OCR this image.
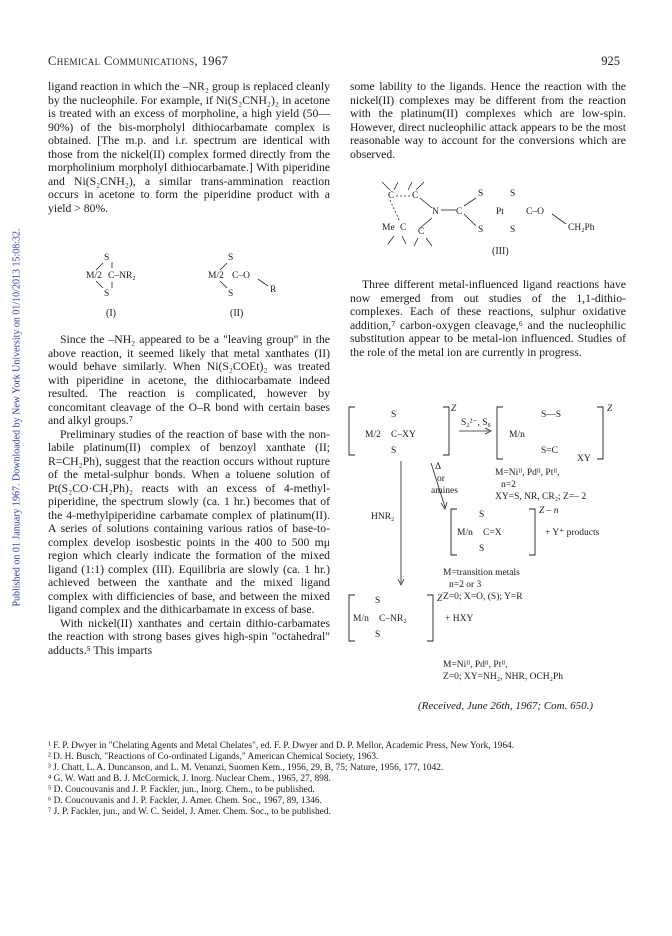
Chemical Communications, 1967	925
Published on 01 January 1967. Downloaded by New York University on 01/10/2013 15:08:32.

ligand reaction in which the –NR₂ group is replaced cleanly by the nucleophile. For example, if Ni(S₂CNH₂)₂ in acetone is treated with an excess of morpholine, a high yield (50—90%) of the bis-morpholyl dithiocarbamate complex is obtained. [The m.p. and i.r. spectrum are identical with those from the nickel(II) complex formed directly from the morpholinium morpholyl dithiocarbamate.] With piperidine and Ni(S₂CNH₂), a similar trans-ammination reaction occurs in acetone to form the piperidine product with a yield > 80%.

S
M/2 C–NR₂
S
(I)
S
M/2 C–O
S	R
(II)

Since the –NH₂ appeared to be a "leaving group" in the above reaction, it seemed likely that metal xanthates (II) would behave similarly. When Ni(S₂COEt)₂ was treated with piperidine in acetone, the dithiocarbamate indeed resulted. The reaction is complicated, however by concomitant cleavage of the O–R bond with certain bases and alkyl groups.⁷

Preliminary studies of the reaction of base with the non-labile platinum(II) complex of benzoyl xanthate (II; R=CH₂Ph), suggest that the reaction occurs without rupture of the metal-sulphur bonds. When a toluene solution of Pt(S₂CO·CH₂Ph)₂ reacts with an excess of 4-methyl-piperidine, the spectrum slowly (ca. 1 hr.) becomes that of the 4-methylpiperidine carbamate complex of platinum(II). A series of solutions containing various ratios of base-to-complex develop isosbestic points in the 400 to 500 mμ region which clearly indicate the formation of the mixed ligand (1:1) complex (III). Equilibria are slowly (ca. 1 hr.) achieved between the xanthate and the mixed ligand complex with difficiencies of base, and between the mixed ligand complex and the dithicarbamate in excess of base.

With nickel(II) xanthates and certain dithio-carbamates the reaction with strong bases gives high-spin "octahedral" adducts.⁵ This imparts

some lability to the ligands. Hence the reaction with the nickel(II) complexes may be different from the reaction with the platinum(II) complexes which are low-spin. However, direct nucleophilic attack appears to be the most reasonable way to account for the conversions which are observed.

C C
N C
Me C C
S
S
Pt
S
S
C–O
CH₂Ph
(III)

Three different metal-influenced ligand reactions have now emerged from out studies of the 1,1-dithio-complexes. Each of these reactions, sulphur oxidative addition,⁷ carbon-oxygen cleavage,⁶ and the nucleophilic substitution appear to be metal-ion influenced. Studies of the role of the metal ion are currently in progress.

Z
S
M/2 C–XY
S
S₂²⁻, S₈
Z
S—S
M/n
S=C
XY
Δ
or
amines
M=Niᴵᴵ, Pdᴵᴵ, Ptᴵᴵ,
n=2
XY=S, NR, CR₂; Z=– 2
HNR₂
Z – n
S
M/n C=X
S
+ Y⁺ products
M=transition metals
n=2 or 3
Z=0; X=O, (S); Y=R
Z
S
M/n C–NR₂
S
+ HXY
M=Niᴵᴵ, Pdᴵᴵ, Ptᴵᴵ,
Z=0; XY=NH₂, NHR, OCH₂Ph
(Received, June 26th, 1967; Com. 650.)
¹ F. P. Dwyer in "Chelating Agents and Metal Chelates", ed. F. P. Dwyer and D. P. Mellor, Academic Press, New York, 1964.
² D. H. Busch, "Reactions of Co-ordinated Ligands," American Chemical Society, 1963.
³ J. Chatt, L. A. Duncanson, and L. M. Venanzi, Suomen Kem., 1956, 29, B, 75; Nature, 1956, 177, 1042.
⁴ G. W. Watt and B. J. McCormick, J. Inorg. Nuclear Chem., 1965, 27, 898.
⁵ D. Coucouvanis and J. P. Fackler, jun., Inorg. Chem., to be published.
⁶ D. Coucouvanis and J. P. Fackler, J. Amer. Chem. Soc., 1967, 89, 1346.
⁷ J. P. Fackler, jun., and W. C. Seidel, J. Amer. Chem. Soc., to be published.
